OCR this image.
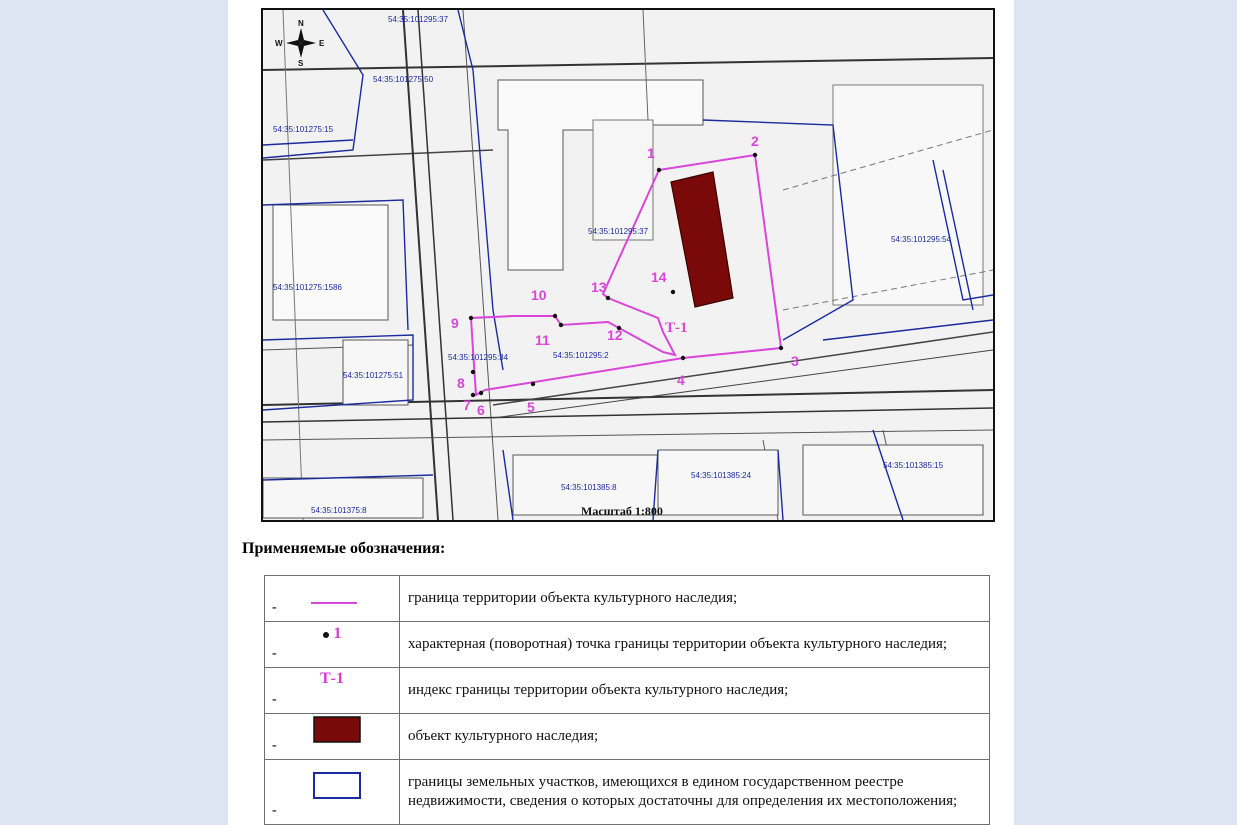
1
2
3
4
5
6
7
8
9
10
11	12
13
14
Т-1
54:35:101295:37
54:35:101275:50
54:35:101275:15
54:35:101275:1586
54:35:101295:37
54:35:101295:54
54:35:101295:34	54:35:101295:2
54:35:101275:51
54:35:101385:24
54:35:101385:8
54:35:101385:15
54:35:101375:8
N
S
W	E
Масштаб 1:800
Применяемые обозначения:
-	граница территории объекта культурного наследия;

1
-	характерная (поворотная) точка границы территории объекта культурного наследия;

Т-1
-	индекс границы территории объекта культурного наследия;

-	объект культурного наследия;

-	границы земельных участков, имеющихся в едином государственном реестре недвижимости, сведения о которых достаточны для определения их местоположения;
